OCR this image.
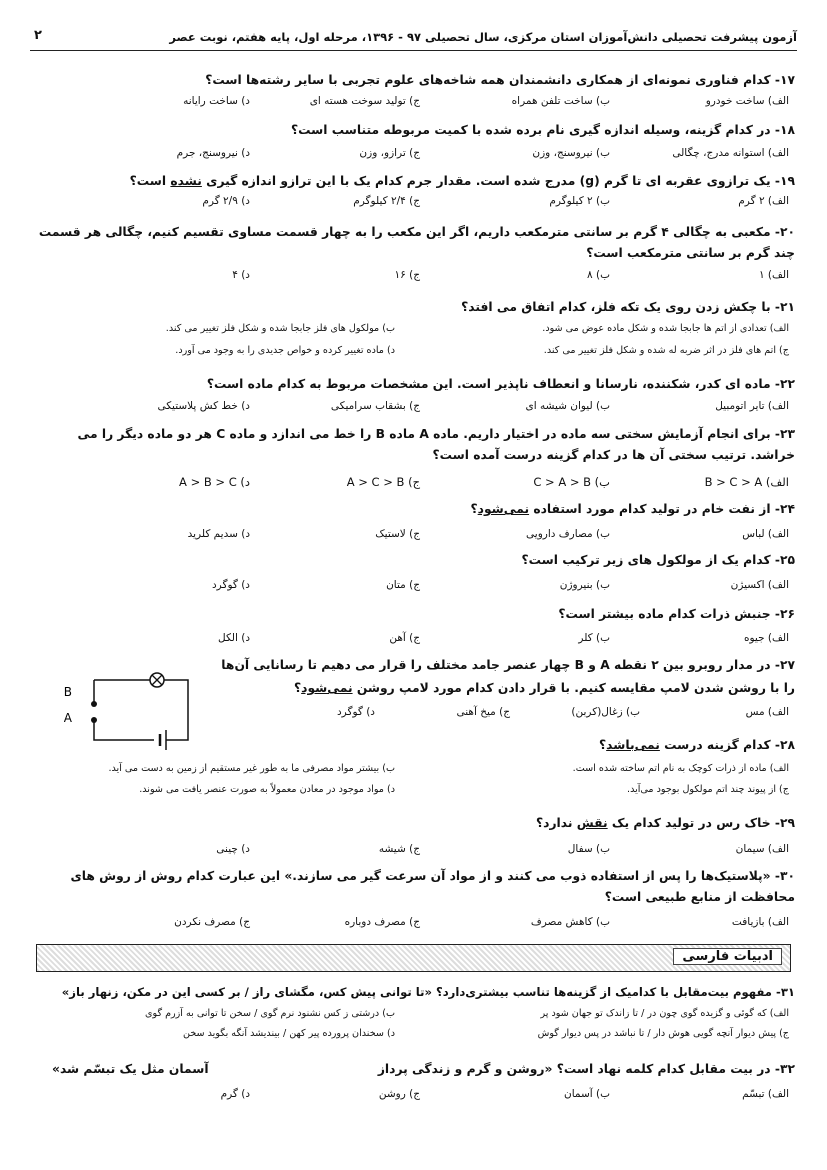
آزمون پیشرفت تحصیلی دانش‌آموزان استان مرکزی، سال تحصیلی ۹۷ - ۱۳۹۶، مرحله اول، پایه هفتم، نوبت عصر
۲
۱۷- کدام فناوری نمونه‌ای از همکاری دانشمندان همه شاخه‌های علوم تجربی با سایر رشته‌ها است؟
الف) ساخت خودرو
ب) ساخت تلفن همراه
ج) تولید سوخت هسته ای
د) ساخت رایانه
۱۸- در کدام گزینه، وسیله اندازه گیری نام برده شده با کمیت مربوطه متناسب است؟
الف) استوانه مدرج، چگالی
ب) نیروسنج، وزن
ج) ترازو، وزن
د) نیروسنج، جرم
۱۹- یک ترازوی عقربه ای تا گرم (g) مدرج شده است. مقدار جرم کدام یک با این ترازو اندازه گیری نشده است؟
الف) ۲ گرم
ب) ۲ کیلوگرم
ج) ۲/۴ کیلوگرم
د) ۲/۹ گرم
۲۰- مکعبی به چگالی ۴ گرم بر سانتی مترمکعب داریم، اگر این مکعب را به چهار قسمت مساوی تقسیم کنیم، چگالی هر قسمت چند گرم بر سانتی مترمکعب است؟
الف) ۱
ب) ۸
ج) ۱۶
د) ۴
۲۱- با چکش زدن روی یک تکه فلز، کدام اتفاق می افتد؟
الف) تعدادی از اتم ها جابجا شده و شکل ماده عوض می شود.
ب) مولکول های فلز جابجا شده و شکل فلز تغییر می کند.
ج) اتم های فلز در اثر ضربه له شده و شکل فلز تغییر می کند.
د) ماده تغییر کرده و خواص جدیدی را به وجود می آورد.
۲۲- ماده ای کدر، شکننده، نارسانا و انعطاف ناپذیر است. این مشخصات مربوط به کدام ماده است؟
الف) تایر اتومبیل
ب) لیوان شیشه ای
ج) بشقاب سرامیکی
د) خط کش پلاستیکی
۲۳- برای انجام آزمایش سختی سه ماده در اختیار داریم. ماده A ماده B را خط می اندازد و ماده C هر دو ماده دیگر را می خراشد. ترتیب سختی آن ها در کدام گزینه درست آمده است؟
الف) B > C > A
ب) C > A > B
ج) A > C > B
د) A > B > C
۲۴- از نفت خام در تولید کدام مورد استفاده نمی‌شود؟
الف) لباس
ب) مصارف دارویی
ج) لاستیک
د) سدیم کلرید
۲۵- کدام یک از مولکول های زیر ترکیب است؟
الف) اکسیژن
ب) بنیروژن
ج) متان
د) گوگرد
۲۶- جنبش ذرات کدام ماده بیشتر است؟
الف) جیوه
ب) کلر
ج) آهن
د) الکل
۲۷- در مدار روبرو بین ۲ نقطه A و B چهار عنصر جامد مختلف را قرار می دهیم تا رسانایی آن‌ها
را با روشن شدن لامپ مقایسه کنیم. با قرار دادن کدام مورد لامپ روشن نمی‌شود؟
الف) مس
ب) زغال(کربن)
ج) میخ آهنی
د) گوگرد
B
A
۲۸- کدام گزینه درست نمی‌باشد؟
الف) ماده از ذرات کوچک به نام اتم ساخته شده است.
ب) بیشتر مواد مصرفی ما به طور غیر مستقیم از زمین به دست می آید.
ج) از پیوند چند اتم مولکول بوجود می‌آید.
د) مواد موجود در معادن معمولاً به صورت عنصر یافت می شوند.
۲۹- خاک رس در تولید کدام یک نقش ندارد؟
الف) سیمان
ب) سفال
ج) شیشه
د) چینی
۳۰- «پلاستیک‌ها را پس از استفاده ذوب می کنند و از مواد آن سرعت گیر می سازند.» این عبارت کدام روش از روش های محافظت از منابع طبیعی است؟
الف) بازیافت
ب) کاهش مصرف
ج) مصرف دوباره
ج) مصرف نکردن
ادبیات فارسی
۳۱- مفهوم بیت‌مقابل با کدامیک از گزینه‌ها تناسب بیشتری‌دارد؟ «تا توانی پیش کس، مگشای راز / بر کسی این در مکن، زنهار باز»
الف) که گوئی و گزیده گوی چون در / تا زاندک تو جهان شود پر
ب) درشتی ز کس نشنود نرم گوی / سخن تا توانی به آزرم گوی
ج) پیش دیوار آنچه گویی هوش دار / تا نباشد در پس دیوار گوش
د) سخندان پرورده پیر کهن / بیندیشد آنگه بگوید سخن
۳۲- در بیت مقابل کدام کلمه نهاد است؟ «روشن و گرم و زندگی پرداز
آسمان مثل یک تبسّم شد»
الف) تبسّم
ب) آسمان
ج) روشن
د) گرم
